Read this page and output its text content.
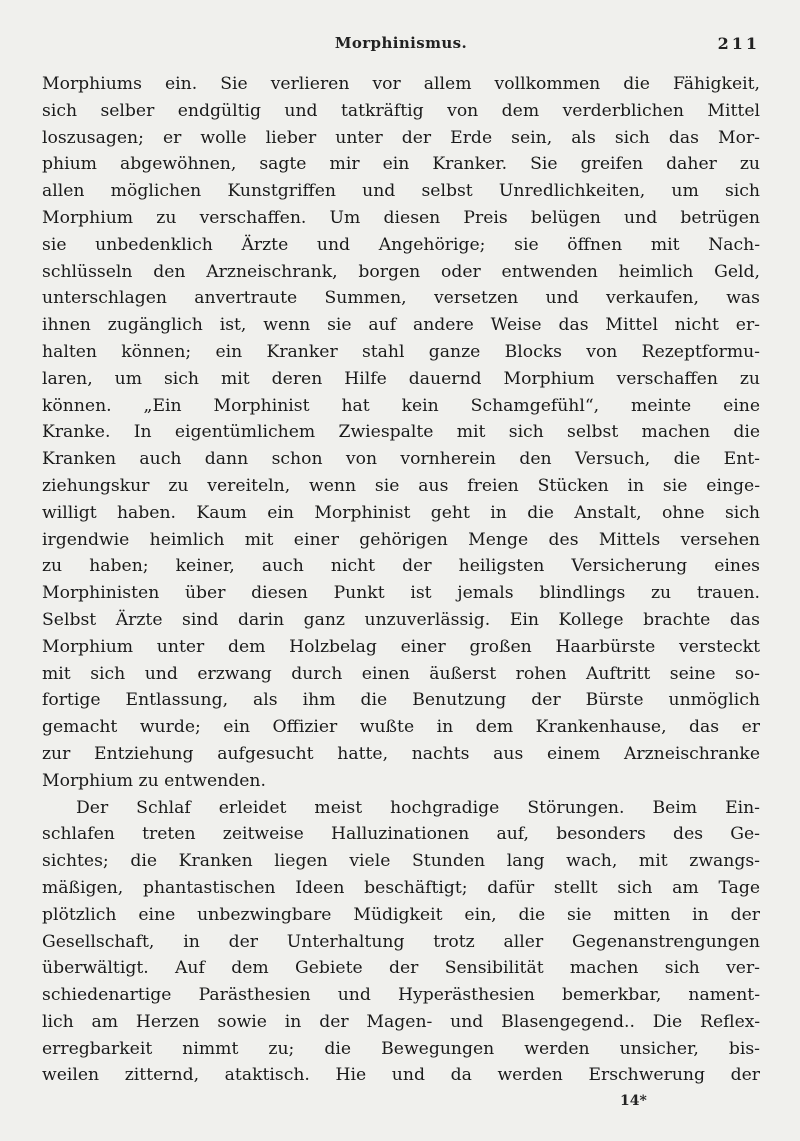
Morphinismus.	211
Morphiums ein. Sie verlieren vor allem vollkommen die Fähigkeit,
sich selber endgültig und tatkräftig von dem verderblichen Mittel
loszusagen; er wolle lieber unter der Erde sein, als sich das Mor-
phium abgewöhnen, sagte mir ein Kranker. Sie greifen daher zu
allen möglichen Kunstgriffen und selbst Unredlichkeiten, um sich
Morphium zu verschaffen. Um diesen Preis belügen und betrügen
sie unbedenklich Ärzte und Angehörige; sie öffnen mit Nach-
schlüsseln den Arzneischrank, borgen oder entwenden heimlich Geld,
unterschlagen anvertraute Summen, versetzen und verkaufen, was
ihnen zugänglich ist, wenn sie auf andere Weise das Mittel nicht er-
halten können; ein Kranker stahl ganze Blocks von Rezeptformu-
laren, um sich mit deren Hilfe dauernd Morphium verschaffen zu
können. „Ein Morphinist hat kein Schamgefühl“, meinte eine
Kranke. In eigentümlichem Zwiespalte mit sich selbst machen die
Kranken auch dann schon von vornherein den Versuch, die Ent-
ziehungskur zu vereiteln, wenn sie aus freien Stücken in sie einge-
willigt haben. Kaum ein Morphinist geht in die Anstalt, ohne sich
irgendwie heimlich mit einer gehörigen Menge des Mittels versehen
zu haben; keiner, auch nicht der heiligsten Versicherung eines
Morphinisten über diesen Punkt ist jemals blindlings zu trauen.
Selbst Ärzte sind darin ganz unzuverlässig. Ein Kollege brachte das
Morphium unter dem Holzbelag einer großen Haarbürste versteckt
mit sich und erzwang durch einen äußerst rohen Auftritt seine so-
fortige Entlassung, als ihm die Benutzung der Bürste unmöglich
gemacht wurde; ein Offizier wußte in dem Krankenhause, das er
zur Entziehung aufgesucht hatte, nachts aus einem Arzneischranke
Morphium zu entwenden.
Der Schlaf erleidet meist hochgradige Störungen. Beim Ein-
schlafen treten zeitweise Halluzinationen auf, besonders des Ge-
sichtes; die Kranken liegen viele Stunden lang wach, mit zwangs-
mäßigen, phantastischen Ideen beschäftigt; dafür stellt sich am Tage
plötzlich eine unbezwingbare Müdigkeit ein, die sie mitten in der
Gesellschaft, in der Unterhaltung trotz aller Gegenanstrengungen
überwältigt. Auf dem Gebiete der Sensibilität machen sich ver-
schiedenartige Parästhesien und Hyperästhesien bemerkbar, nament-
lich am Herzen sowie in der Magen- und Blasengegend.. Die Reflex-
erregbarkeit nimmt zu; die Bewegungen werden unsicher, bis-
weilen zitternd, ataktisch. Hie und da werden Erschwerung der
14*
